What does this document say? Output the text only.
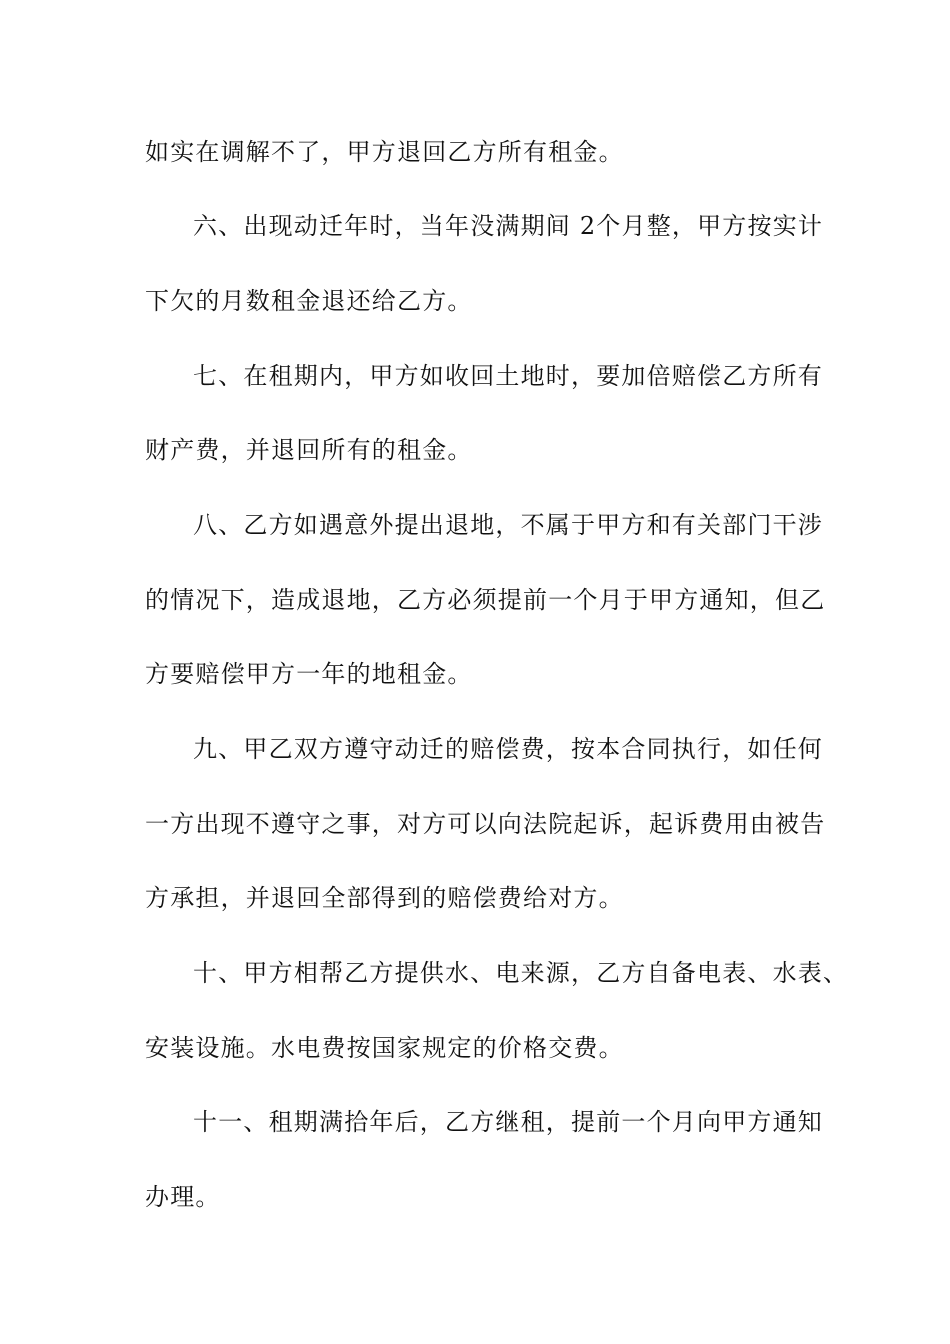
如实在调解不了，甲方退回乙方所有租金。
六、出现动迁年时，当年没满期间 2个月整，甲方按实计
下欠的月数租金退还给乙方。
七、在租期内，甲方如收回土地时，要加倍赔偿乙方所有
财产费，并退回所有的租金。
八、乙方如遇意外提出退地，不属于甲方和有关部门干涉
的情况下，造成退地，乙方必须提前一个月于甲方通知，但乙
方要赔偿甲方一年的地租金。
九、甲乙双方遵守动迁的赔偿费，按本合同执行，如任何
一方出现不遵守之事，对方可以向法院起诉，起诉费用由被告
方承担，并退回全部得到的赔偿费给对方。
十、甲方相帮乙方提供水、电来源，乙方自备电表、水表、
安装设施。水电费按国家规定的价格交费。
十一、租期满拾年后，乙方继租，提前一个月向甲方通知
办理。
